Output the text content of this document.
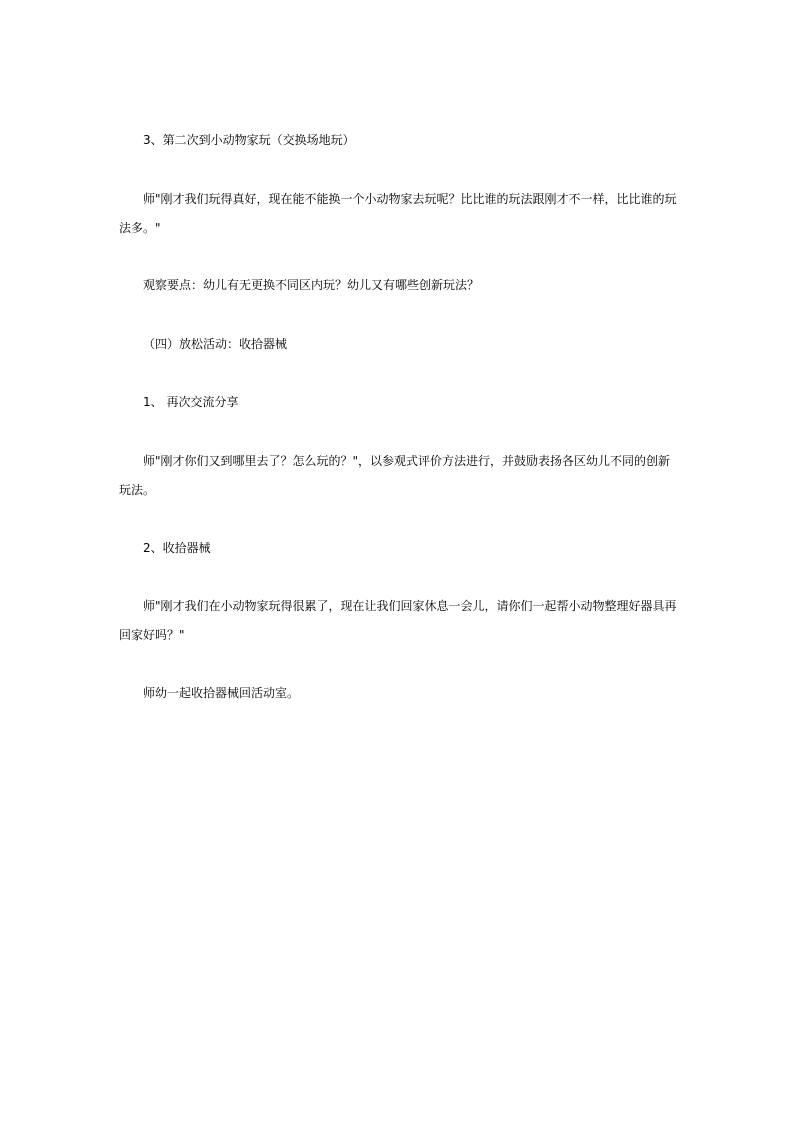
3、第二次到小动物家玩（交换场地玩）

师"刚才我们玩得真好，现在能不能换一个小动物家去玩呢？比比谁的玩法跟刚才不一样，比比谁的玩法多。"

观察要点：幼儿有无更换不同区内玩？幼儿又有哪些创新玩法？

（四）放松活动：收拾器械

1、 再次交流分享

师"刚才你们又到哪里去了？怎么玩的？"，以参观式评价方法进行，并鼓励表扬各区幼儿不同的创新玩法。

2、收拾器械

师"刚才我们在小动物家玩得很累了，现在让我们回家休息一会儿，请你们一起帮小动物整理好器具再回家好吗？"

师幼一起收拾器械回活动室。
